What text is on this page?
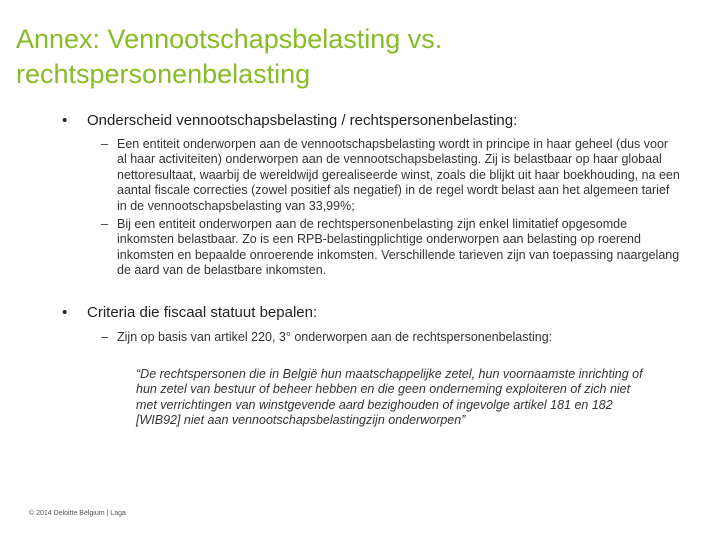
Annex: Vennootschapsbelasting vs. rechtspersonenbelasting
• Onderscheid vennootschapsbelasting / rechtspersonenbelasting:
– Een entiteit onderworpen aan de vennootschapsbelasting wordt in principe in haar geheel (dus voor al haar activiteiten) onderworpen aan de vennootschapsbelasting. Zij is belastbaar op haar globaal nettoresultaat, waarbij de wereldwijd gerealiseerde winst, zoals die blijkt uit haar boekhouding, na een aantal fiscale correcties (zowel positief als negatief) in de regel wordt belast aan het algemeen tarief in de vennootschapsbelasting van 33,99%;
– Bij een entiteit onderworpen aan de rechtspersonenbelasting zijn enkel limitatief opgesomde inkomsten belastbaar. Zo is een RPB-belastingplichtige onderworpen aan belasting op roerend inkomsten en bepaalde onroerende inkomsten. Verschillende tarieven zijn van toepassing naargelang de aard van de belastbare inkomsten.
• Criteria die fiscaal statuut bepalen:
– Zijn op basis van artikel 220, 3° onderworpen aan de rechtspersonenbelasting:
“De rechtspersonen die in België hun maatschappelijke zetel, hun voornaamste inrichting of hun zetel van bestuur of beheer hebben en die geen onderneming exploiteren of zich niet met verrichtingen van winstgevende aard bezighouden of ingevolge artikel 181 en 182 [WIB92] niet aan vennootschapsbelastingzijn onderworpen”
© 2014 Deloitte Belgium | Laga
